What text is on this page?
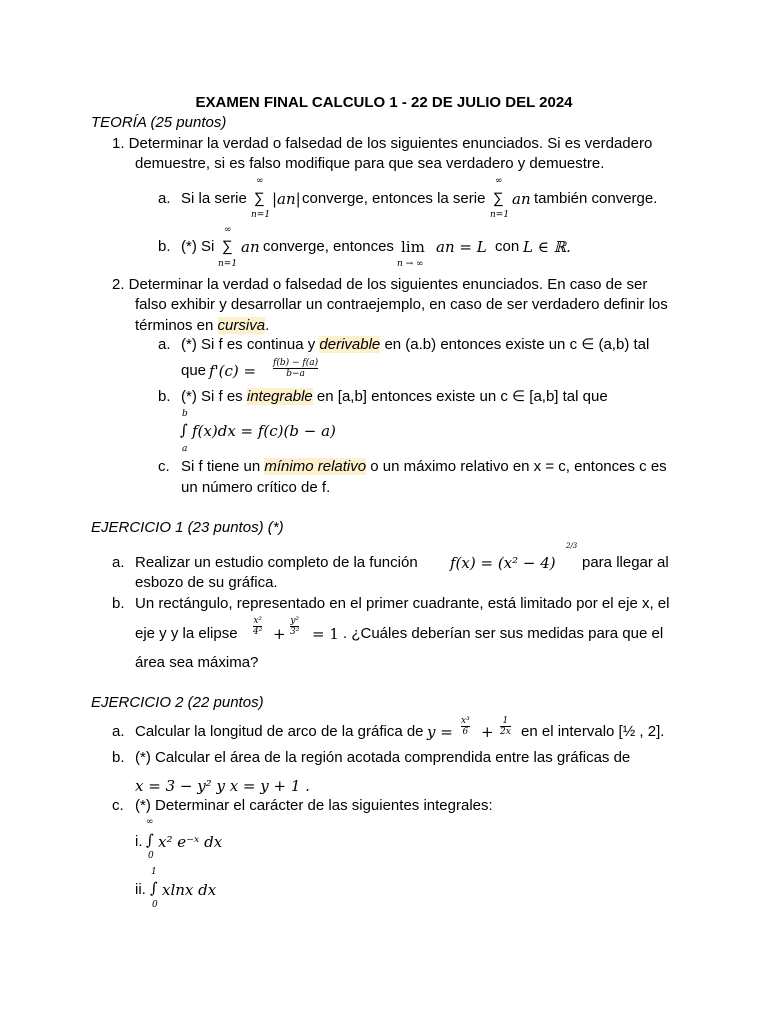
EXAMEN FINAL CALCULO 1 - 22 DE JULIO DEL 2024
TEORÍA (25 puntos)
1. Determinar la verdad o falsedad de los siguientes enunciados. Si es verdadero
demuestre, si es falso modifique para que sea verdadero y demuestre.
a. Si la serie
∞
∑
n=1
|an| converge, entonces la serie
∞
∑
n=1
an también converge.
b. (*) Si
∞
∑
n=1
an converge, entonces lim
n → ∞
an = L con L ∈ ℝ.
2. Determinar la verdad o falsedad de los siguientes enunciados. En caso de ser
falso exhibir y desarrollar un contraejemplo, en caso de ser verdadero definir los
términos en cursiva.
a. (*) Si f es continua y derivable en (a.b) entonces existe un c ∈ (a,b) tal
que f'(c) = f(b) − f(a)
b−a
b. (*) Si f es integrable en [a,b] entonces existe un c ∈ [a,b] tal que
b
∫
a
f(x)dx = f(c)(b − a)
c. Si f tiene un mínimo relativo o un máximo relativo en x = c, entonces c es
un número crítico de f.
EJERCICIO 1 (23 puntos) (*)
a. Realizar un estudio completo de la función f(x) = (x² − 4)
2/3
para llegar al
esbozo de su gráfica.
b. Un rectángulo, representado en el primer cuadrante, está limitado por el eje x, el
eje y y la elipse
x²
4² +
y²
3² = 1 . ¿Cuáles deberían ser sus medidas para que el
área sea máxima?
EJERCICIO 2 (22 puntos)
a. Calcular la longitud de arco de la gráfica de y =
x³
6 +
1
2x en el intervalo [½ , 2].
b. (*) Calcular el área de la región acotada comprendida entre las gráficas de
x = 3 − y² y x = y + 1 .
c. (*) Determinar el carácter de las siguientes integrales:
i.
∞
∫
0
x² e⁻ˣ dx
ii.
1
∫
0
xlnx dx
